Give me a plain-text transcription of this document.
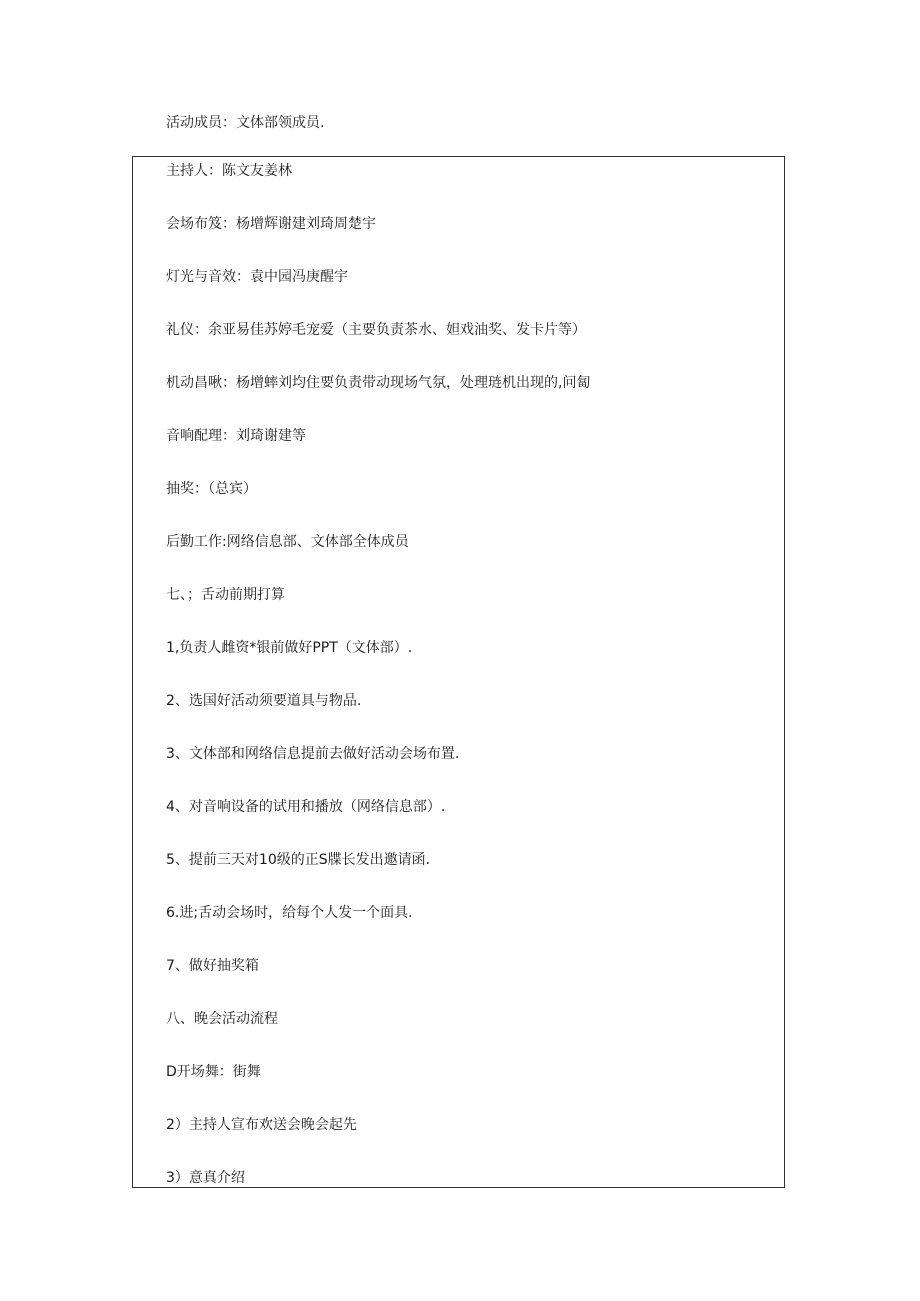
活动成员：文体部领成员.
主持人：陈文友姜林
会场布笈：杨增辉谢建刘琦周楚宇
灯光与音效：袁中园冯庚醒宇
礼仪：余亚易佳苏婷毛宠爱（主要负责茶水、妲戏油奖、发卡片等）
机动昌啾：杨增蟀刘均住要负责带动现场气氛，处理琏机出现的,问匐
音响配理：刘琦谢建等
抽奖：（总宾）
后勤工作:网络信息部、文体部全体成员
七、；舌动前期打算
1,负责人雌资*银前做好PPT（文体部）.
2、选国好活动须要道具与物品.
3、文体部和网络信息提前去做好活动会场布置.
4、对音响设备的试用和播放（网络信息部）.
5、提前三天对10级的正S牒长发出邀请函.
6.进;舌动会场时，给每个人发一个面具.
7、做好抽奖箱
八、晚会活动流程
D开场舞：街舞
2）主持人宣布欢送会晚会起先
3）意真介绍
